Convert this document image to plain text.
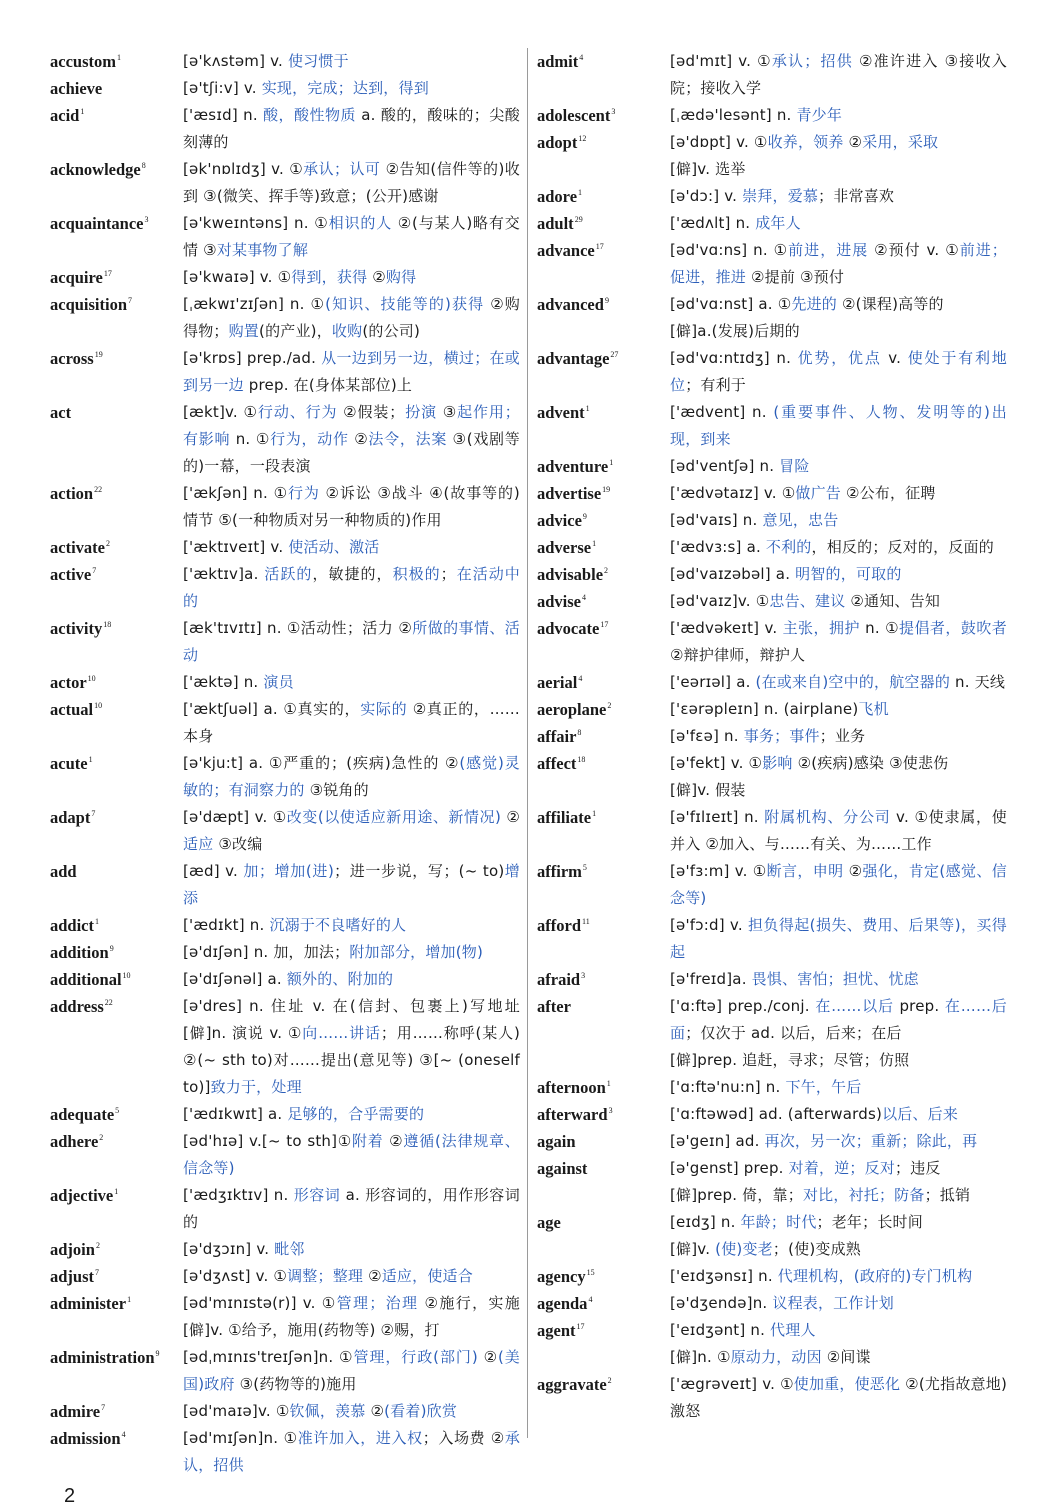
accustom$^1$	[ə'kʌstəm] v. 使习惯于
achieve	[ə'tʃi:v] v. 实现，完成；达到，得到
acid$^1$	['æsɪd] n. 酸，酸性物质 a. 酸的，酸味的；尖酸刻薄的
acknowledge$^8$	[ək'nɒlɪdʒ] v. ①承认；认可 ②告知(信件等的)收到 ③(微笑、挥手等)致意；(公开)感谢
acquaintance$^3$	[ə'kweɪntəns] n. ①相识的人 ②(与某人)略有交情 ③对某事物了解
acquire$^{17}$	[ə'kwaɪə] v. ①得到，获得 ②购得
acquisition$^7$	[ˌækwɪ'zɪʃən] n. ①(知识、技能等的)获得 ②购得物；购置(的产业)，收购(的公司)
across$^{19}$	[ə'krɒs] prep./ad. 从一边到另一边，横过；在或到另一边 prep. 在(身体某部位)上
act	[ækt]v. ①行动、行为 ②假装；扮演 ③起作用；有影响 n. ①行为，动作 ②法令，法案 ③(戏剧等的)一幕，一段表演
action$^{22}$	['ækʃən] n. ①行为 ②诉讼 ③战斗 ④(故事等的)情节 ⑤(一种物质对另一种物质的)作用
activate$^2$	['æktɪveɪt] v. 使活动、激活
active$^7$	['æktɪv]a. 活跃的，敏捷的，积极的；在活动中的
activity$^{18}$	[æk'tɪvɪtɪ] n. ①活动性；活力 ②所做的事情、活动
actor$^{10}$	['æktə] n. 演员
actual$^{10}$	['æktʃuəl] a. ①真实的，实际的 ②真正的，……本身
acute$^1$	[ə'kju:t] a. ①严重的；(疾病)急性的 ②(感觉)灵敏的；有洞察力的 ③锐角的
adapt$^7$	[ə'dæpt] v. ①改变(以使适应新用途、新情况) ②适应 ③改编
add	[æd] v. 加；增加(进)；进一步说，写；(~ to)增添
addict$^1$	['ædɪkt] n. 沉溺于不良嗜好的人
addition$^9$	[ə'dɪʃən] n. 加，加法；附加部分，增加(物)
additional$^{10}$	[ə'dɪʃənəl] a. 额外的、附加的
address$^{22}$	[ə'dres] n. 住址 v. 在(信封、包裹上)写地址 [僻]n. 演说 v. ①向……讲话；用……称呼(某人) ②(~ sth to)对……提出(意见等) ③[~ (oneself to)]致力于，处理
adequate$^5$	['ædɪkwɪt] a. 足够的，合乎需要的
adhere$^2$	[əd'hɪə] v.[~ to sth]①附着 ②遵循(法律规章、信念等)
adjective$^1$	['ædʒɪktɪv] n. 形容词 a. 形容词的，用作形容词的
adjoin$^2$	[ə'dʒɔɪn] v. 毗邻
adjust$^7$	[ə'dʒʌst] v. ①调整；整理 ②适应，使适合
administer$^1$	[əd'mɪnɪstə(r)] v. ①管理；治理 ②施行，实施 [僻]v. ①给予，施用(药物等) ②赐，打
administration$^9$	[ədˌmɪnɪs'treɪʃən]n. ①管理，行政(部门) ②(美国)政府 ③(药物等的)施用
admire$^7$	[əd'maɪə]v. ①钦佩，羡慕 ②(看着)欣赏
admission$^4$	[əd'mɪʃən]n. ①准许加入，进入权；入场费 ②承认，招供
admit$^4$	[əd'mɪt] v. ①承认；招供 ②准许进入 ③接收入院；接收入学
adolescent$^3$	[ˌædə'lesənt] n. 青少年
adopt$^{12}$	[ə'dɒpt] v. ①收养，领养 ②采用，采取
[僻]v. 选举
adore$^1$	[ə'dɔ:] v. 崇拜，爱慕；非常喜欢
adult$^{29}$	['ædʌlt] n. 成年人
advance$^{17}$	[əd'vɑ:ns] n. ①前进，进展 ②预付 v. ①前进；促进，推进 ②提前 ③预付
advanced$^9$	[əd'vɑ:nst] a. ①先进的 ②(课程)高等的
[僻]a.(发展)后期的
advantage$^{27}$	[əd'vɑ:ntɪdʒ] n. 优势，优点 v. 使处于有利地位；有利于
advent$^1$	['ædvent] n. (重要事件、人物、发明等的)出现，到来
adventure$^1$	[əd'ventʃə] n. 冒险
advertise$^{19}$	['ædvətaɪz] v. ①做广告 ②公布，征聘
advice$^9$	[əd'vaɪs] n. 意见，忠告
adverse$^1$	['ædvɜ:s] a. 不利的，相反的；反对的，反面的
advisable$^2$	[əd'vaɪzəbəl] a. 明智的，可取的
advise$^4$	[əd'vaɪz]v. ①忠告、建议 ②通知、告知
advocate$^{17}$	['ædvəkeɪt] v. 主张，拥护 n. ①提倡者，鼓吹者 ②辩护律师，辩护人
aerial$^4$	['eərɪəl] a. (在或来自)空中的，航空器的 n. 天线
aeroplane$^2$	['ɛərəpleɪn] n. (airplane)飞机
affair$^8$	[ə'fɛə] n. 事务；事件；业务
affect$^{18}$	[ə'fekt] v. ①影响 ②(疾病)感染 ③使悲伤
[僻]v. 假装
affiliate$^1$	[ə'fɪlɪeɪt] n. 附属机构、分公司 v. ①使隶属，使并入 ②加入、与……有关、为……工作
affirm$^5$	[ə'fɜ:m] v. ①断言，申明 ②强化，肯定(感觉、信念等)
afford$^{11}$	[ə'fɔ:d] v. 担负得起(损失、费用、后果等)，买得起
afraid$^3$	[ə'freɪd]a. 畏惧、害怕；担忧、忧虑
after	['ɑ:ftə] prep./conj. 在……以后 prep. 在……后面；仅次于 ad. 以后，后来；在后
[僻]prep. 追赶，寻求；尽管；仿照
afternoon$^1$	['ɑ:ftə'nu:n] n. 下午，午后
afterward$^3$	['ɑ:ftəwəd] ad. (afterwards)以后、后来
again	[ə'geɪn] ad. 再次，另一次；重新；除此，再
against	[ə'genst] prep. 对着，逆；反对；违反
[僻]prep. 倚，靠；对比，衬托；防备；抵销
age	[eɪdʒ] n. 年龄；时代；老年；长时间
[僻]v. (使)变老；(使)变成熟
agency$^{15}$	['eɪdʒənsɪ] n. 代理机构，(政府的)专门机构
agenda$^4$	[ə'dʒendə]n. 议程表，工作计划
agent$^{17}$	['eɪdʒənt] n. 代理人
[僻]n. ①原动力，动因 ②间谍
aggravate$^2$	['ægrəveɪt] v. ①使加重，使恶化 ②(尤指故意地)激怒
2
